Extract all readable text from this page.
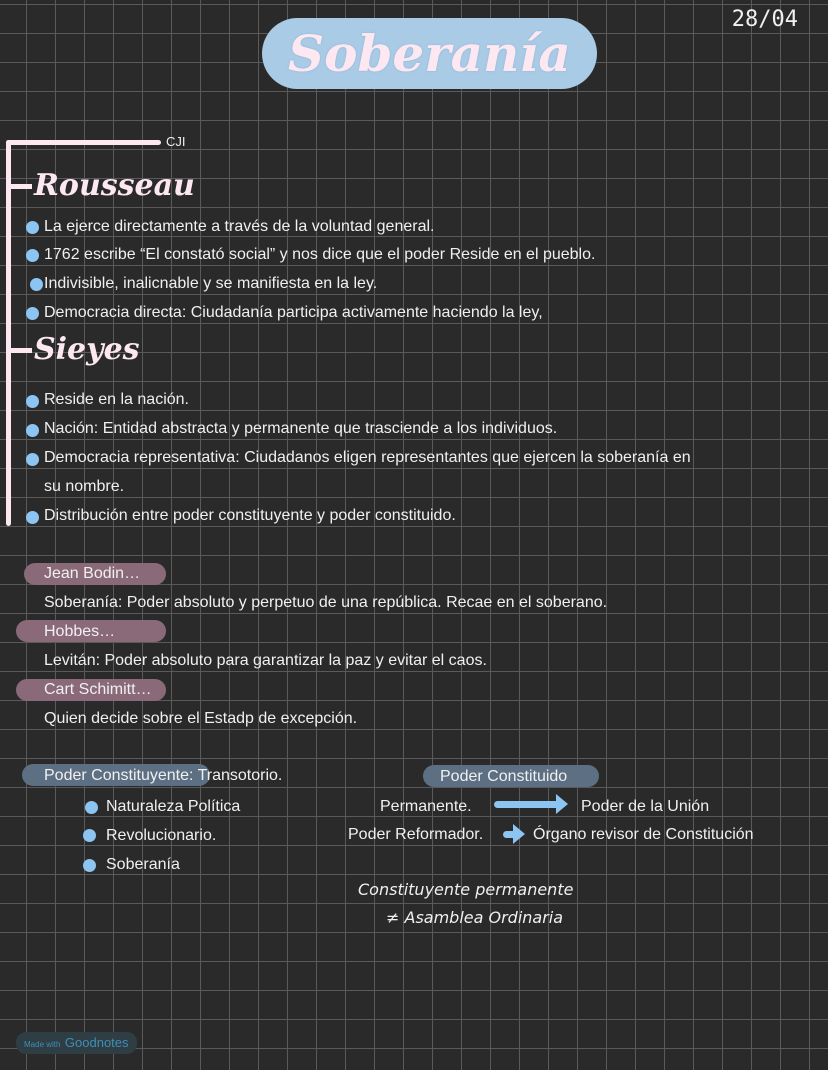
28/04
Soberanía
CJI
Rousseau
Sieyes
La ejerce directamente a través de la voluntad general.
1762 escribe “El constató social” y nos dice que el poder Reside en el pueblo.
Indivisible, inalicnable y se manifiesta en la ley.
Democracia directa: Ciudadanía participa activamente haciendo la ley,
Reside en la nación.
Nación: Entidad abstracta y permanente que trasciende a los individuos.
Democracia representativa: Ciudadanos eligen representantes que ejercen la soberanía en
su nombre.
Distribución entre poder constituyente y poder constituido.
Jean Bodin…
Soberanía: Poder absoluto y perpetuo de una república. Recae en el soberano.
Hobbes…
Levitán: Poder absoluto para garantizar la paz y evitar el caos.
Cart Schimitt…
Quien decide sobre el Estadp de excepción.
Poder Constituyente: Transotorio.
Naturaleza Política
Revolucionario.
Soberanía
Poder Constituido
Permanente.	Poder de la Unión
Poder Reformador.	Órgano revisor de Constitución
Constituyente permanente
≠ Asamblea Ordinaria
Made with Goodnotes
